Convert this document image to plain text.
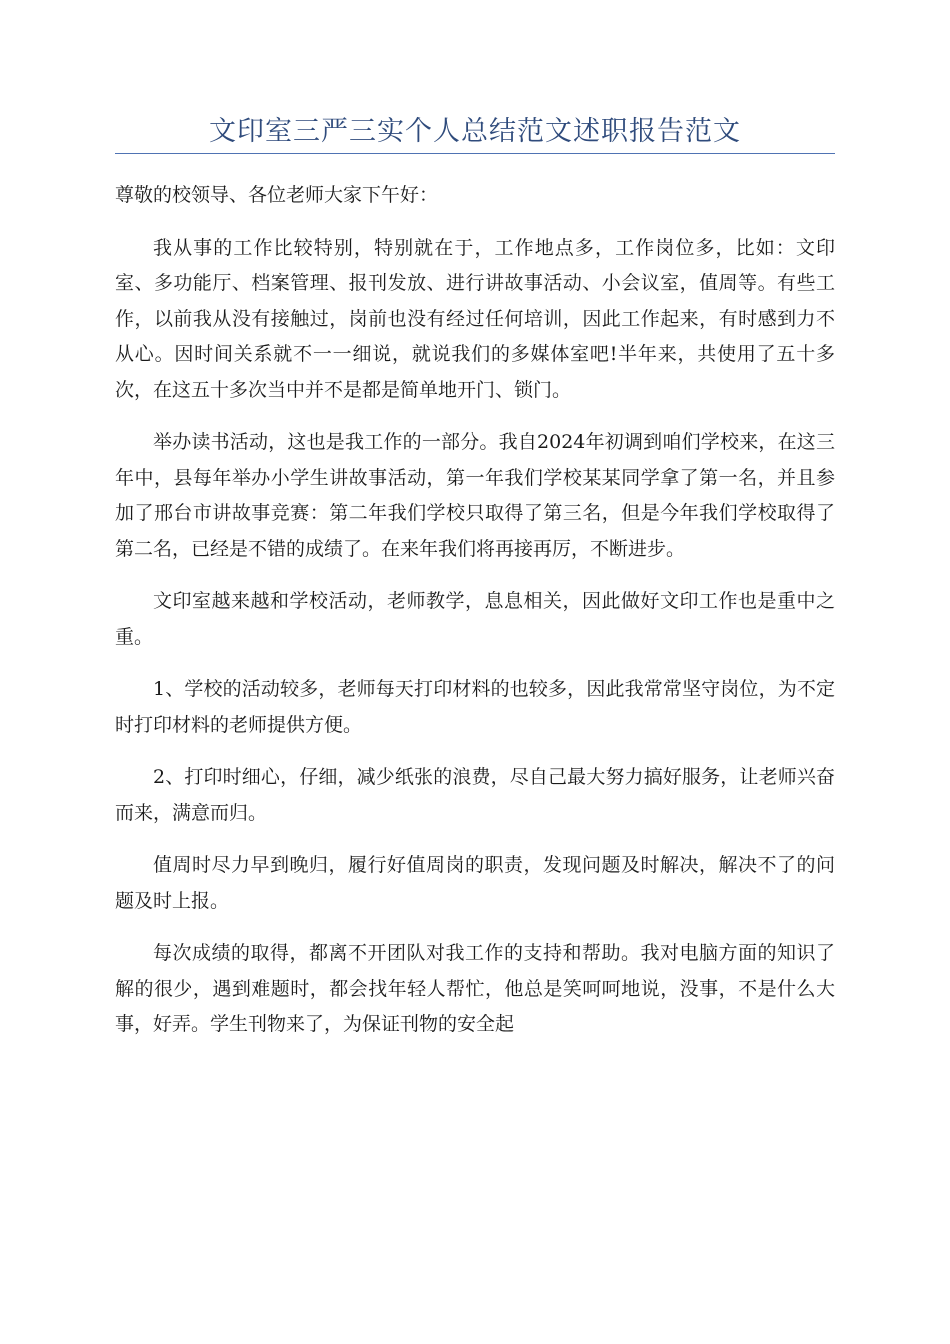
文印室三严三实个人总结范文述职报告范文

尊敬的校领导、各位老师大家下午好：

我从事的工作比较特别，特别就在于，工作地点多，工作岗位多，比如：文印室、多功能厅、档案管理、报刊发放、进行讲故事活动、小会议室，值周等。有些工作，以前我从没有接触过，岗前也没有经过任何培训，因此工作起来，有时感到力不从心。因时间关系就不一一细说，就说我们的多媒体室吧!半年来，共使用了五十多次，在这五十多次当中并不是都是简单地开门、锁门。

举办读书活动，这也是我工作的一部分。我自2024年初调到咱们学校来，在这三年中，县每年举办小学生讲故事活动，第一年我们学校某某同学拿了第一名，并且参加了邢台市讲故事竞赛：第二年我们学校只取得了第三名，但是今年我们学校取得了第二名，已经是不错的成绩了。在来年我们将再接再厉，不断进步。

文印室越来越和学校活动，老师教学，息息相关，因此做好文印工作也是重中之重。

1、学校的活动较多，老师每天打印材料的也较多，因此我常常坚守岗位，为不定时打印材料的老师提供方便。

2、打印时细心，仔细，减少纸张的浪费，尽自己最大努力搞好服务，让老师兴奋而来，满意而归。

值周时尽力早到晚归，履行好值周岗的职责，发现问题及时解决，解决不了的问题及时上报。

每次成绩的取得，都离不开团队对我工作的支持和帮助。我对电脑方面的知识了解的很少，遇到难题时，都会找年轻人帮忙，他总是笑呵呵地说，没事，不是什么大事，好弄。学生刊物来了，为保证刊物的安全起
